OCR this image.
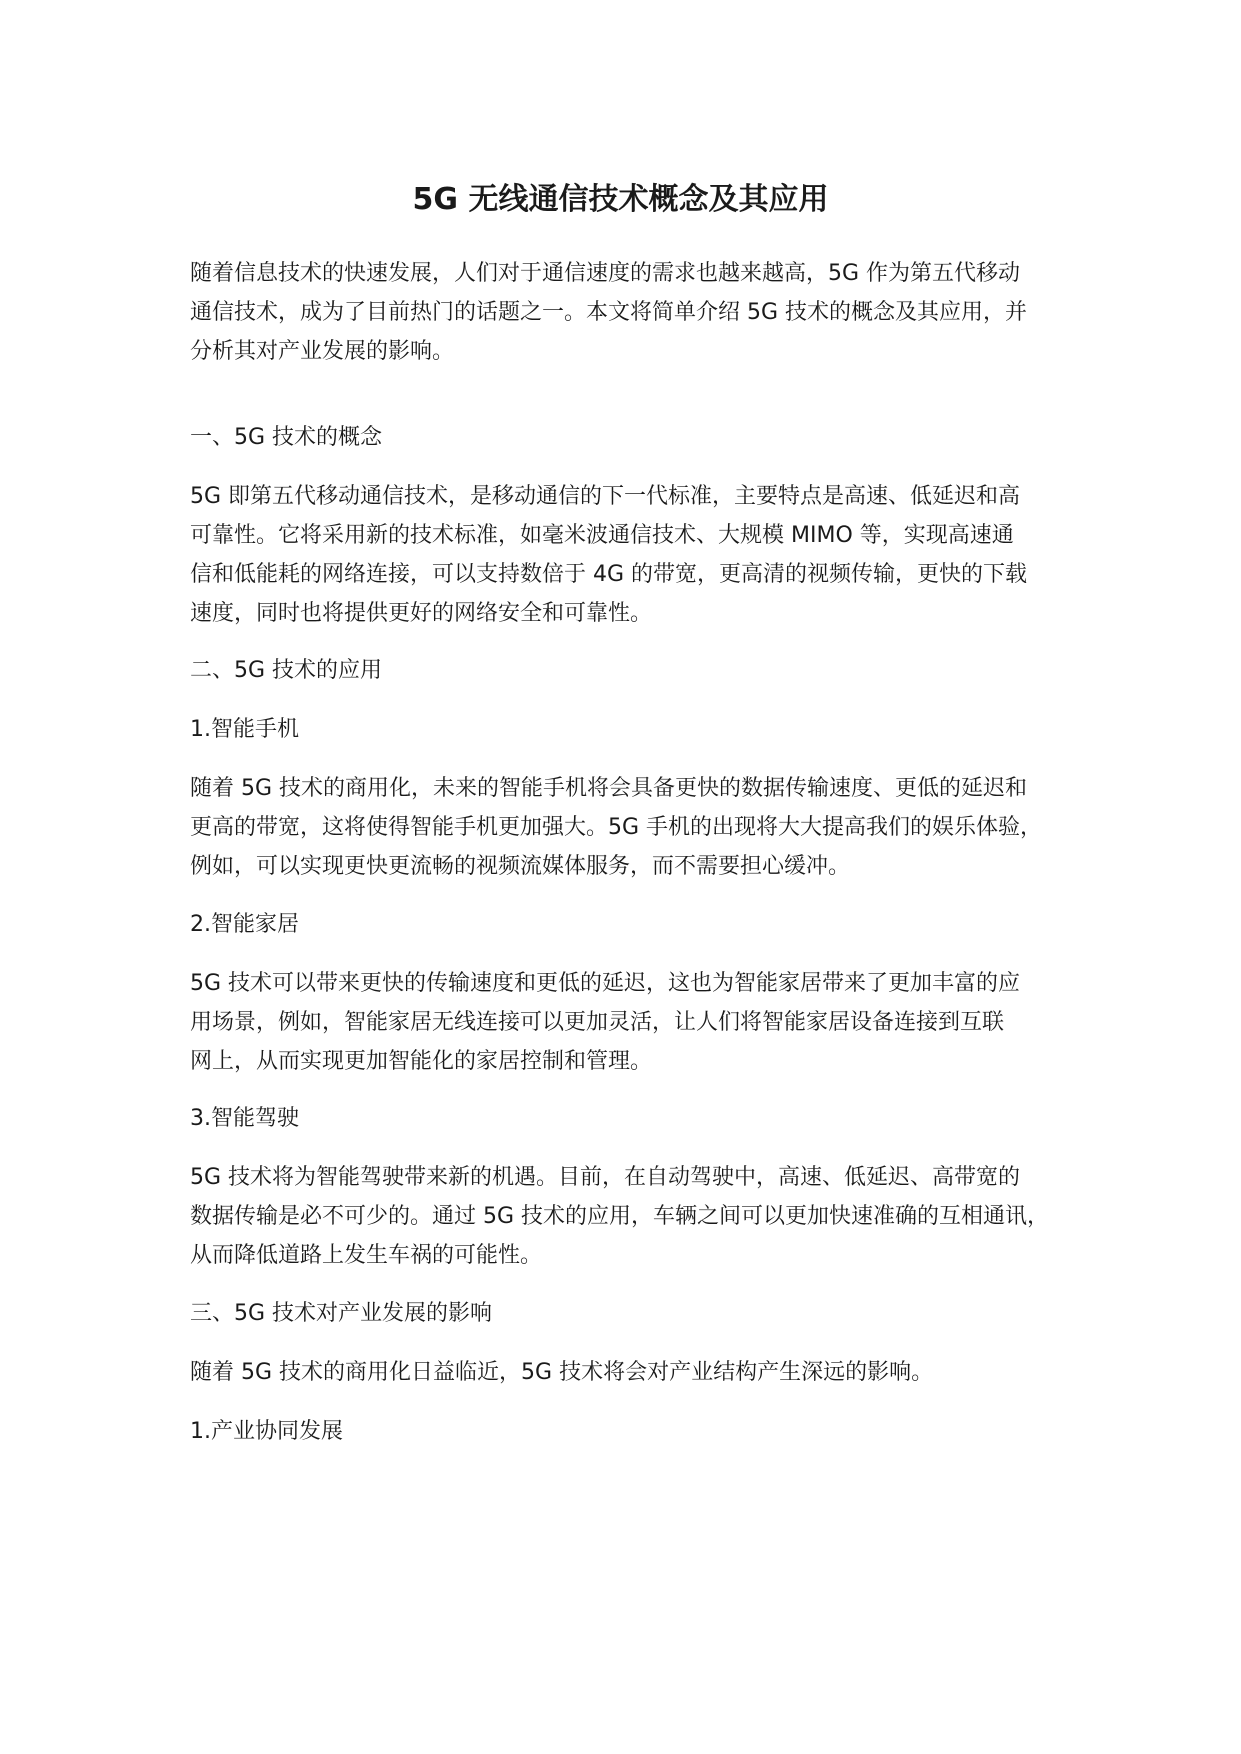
5G 无线通信技术概念及其应用

随着信息技术的快速发展，人们对于通信速度的需求也越来越高，5G 作为第五代移动
通信技术，成为了目前热门的话题之一。本文将简单介绍 5G 技术的概念及其应用，并
分析其对产业发展的影响。

一、5G 技术的概念

5G 即第五代移动通信技术，是移动通信的下一代标准，主要特点是高速、低延迟和高
可靠性。它将采用新的技术标准，如毫米波通信技术、大规模 MIMO 等，实现高速通
信和低能耗的网络连接，可以支持数倍于 4G 的带宽，更高清的视频传输，更快的下载
速度，同时也将提供更好的网络安全和可靠性。

二、5G 技术的应用

1.智能手机

随着 5G 技术的商用化，未来的智能手机将会具备更快的数据传输速度、更低的延迟和
更高的带宽，这将使得智能手机更加强大。5G 手机的出现将大大提高我们的娱乐体验，
例如，可以实现更快更流畅的视频流媒体服务，而不需要担心缓冲。

2.智能家居

5G 技术可以带来更快的传输速度和更低的延迟，这也为智能家居带来了更加丰富的应
用场景，例如，智能家居无线连接可以更加灵活，让人们将智能家居设备连接到互联
网上，从而实现更加智能化的家居控制和管理。

3.智能驾驶

5G 技术将为智能驾驶带来新的机遇。目前，在自动驾驶中，高速、低延迟、高带宽的
数据传输是必不可少的。通过 5G 技术的应用，车辆之间可以更加快速准确的互相通讯，
从而降低道路上发生车祸的可能性。

三、5G 技术对产业发展的影响

随着 5G 技术的商用化日益临近，5G 技术将会对产业结构产生深远的影响。

1.产业协同发展
